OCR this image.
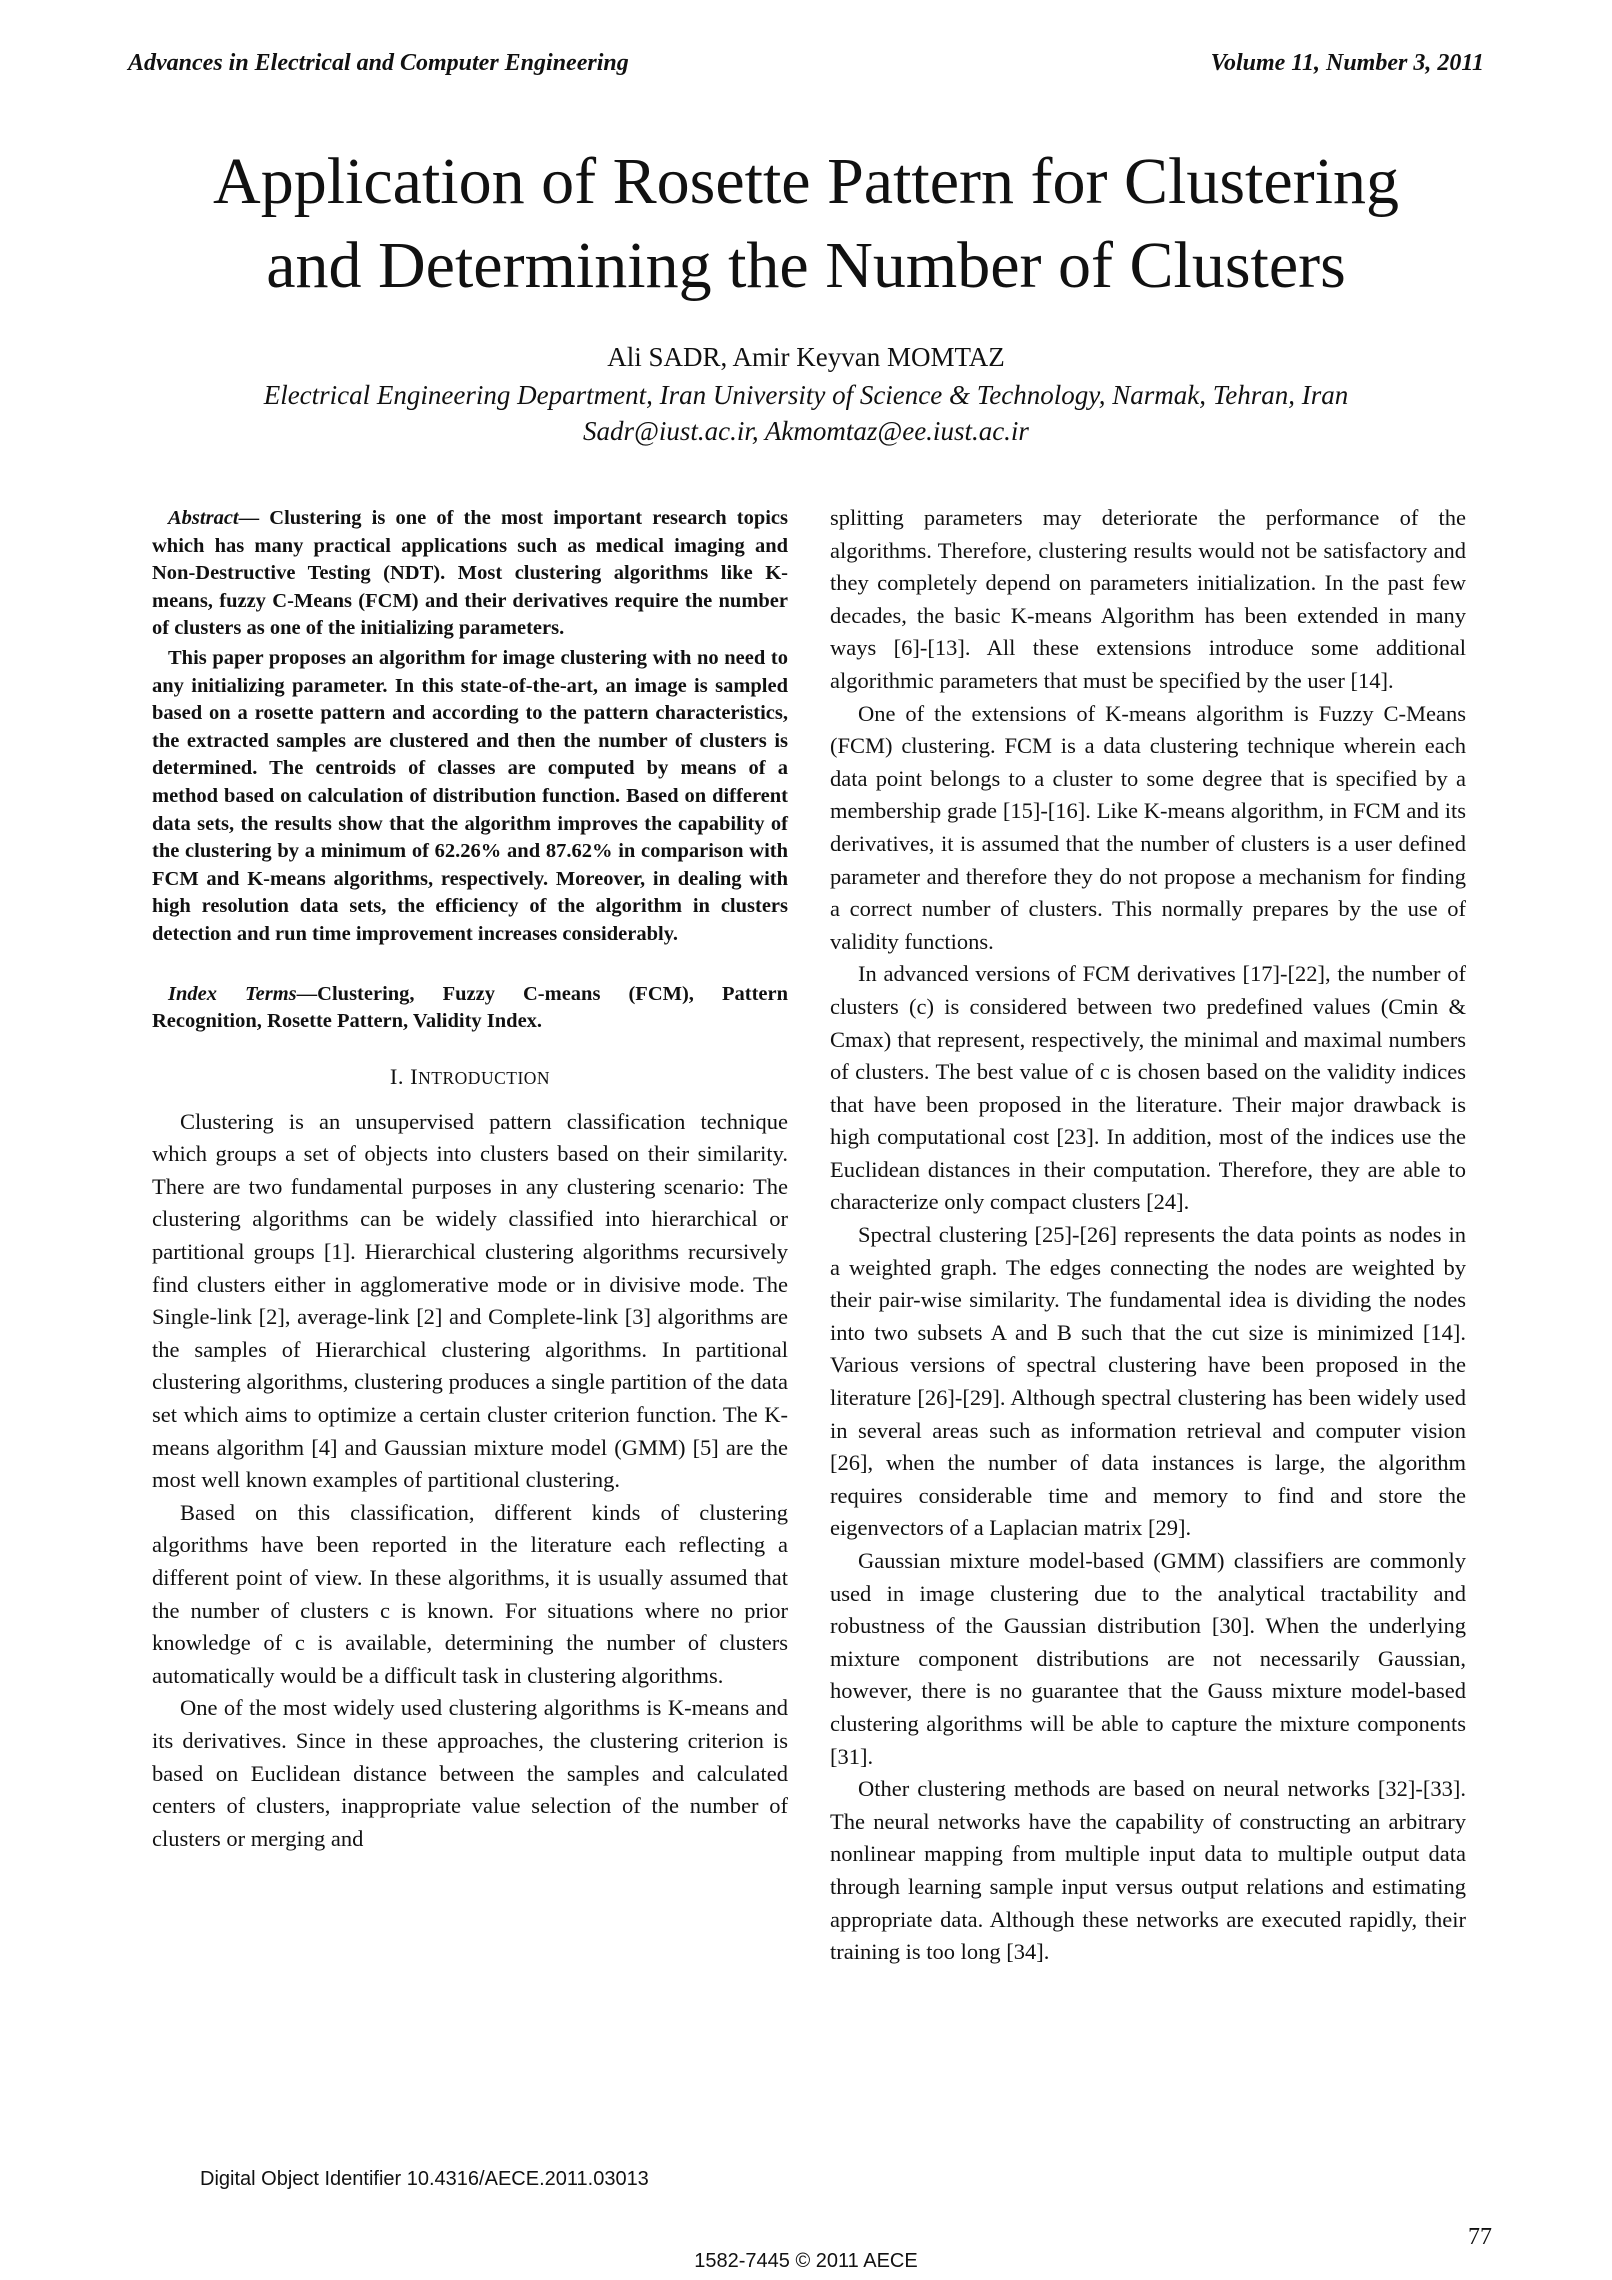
Advances in Electrical and Computer Engineering	Volume 11, Number 3, 2011
Application of Rosette Pattern for Clustering
and Determining the Number of Clusters
Ali SADR, Amir Keyvan MOMTAZ
Electrical Engineering Department, Iran University of Science & Technology, Narmak, Tehran, Iran
Sadr@iust.ac.ir, Akmomtaz@ee.iust.ac.ir

Abstract— Clustering is one of the most important research topics which has many practical applications such as medical imaging and Non-Destructive Testing (NDT). Most clustering algorithms like K-means, fuzzy C-Means (FCM) and their derivatives require the number of clusters as one of the initializing parameters.

This paper proposes an algorithm for image clustering with no need to any initializing parameter. In this state-of-the-art, an image is sampled based on a rosette pattern and according to the pattern characteristics, the extracted samples are clustered and then the number of clusters is determined. The centroids of classes are computed by means of a method based on calculation of distribution function. Based on different data sets, the results show that the algorithm improves the capability of the clustering by a minimum of 62.26% and 87.62% in comparison with FCM and K-means algorithms, respectively. Moreover, in dealing with high resolution data sets, the efficiency of the algorithm in clusters detection and run time improvement increases considerably.

Index Terms—Clustering, Fuzzy C-means (FCM), Pattern Recognition, Rosette Pattern, Validity Index.

I. INTRODUCTION

Clustering is an unsupervised pattern classification technique which groups a set of objects into clusters based on their similarity. There are two fundamental purposes in any clustering scenario: The clustering algorithms can be widely classified into hierarchical or partitional groups [1]. Hierarchical clustering algorithms recursively find clusters either in agglomerative mode or in divisive mode. The Single-link [2], average-link [2] and Complete-link [3] algorithms are the samples of Hierarchical clustering algorithms. In partitional clustering algorithms, clustering produces a single partition of the data set which aims to optimize a certain cluster criterion function. The K-means algorithm [4] and Gaussian mixture model (GMM) [5] are the most well known examples of partitional clustering.

Based on this classification, different kinds of clustering algorithms have been reported in the literature each reflecting a different point of view. In these algorithms, it is usually assumed that the number of clusters c is known. For situations where no prior knowledge of c is available, determining the number of clusters automatically would be a difficult task in clustering algorithms.

One of the most widely used clustering algorithms is K-means and its derivatives. Since in these approaches, the clustering criterion is based on Euclidean distance between the samples and calculated centers of clusters, inappropriate value selection of the number of clusters or merging and

splitting parameters may deteriorate the performance of the algorithms. Therefore, clustering results would not be satisfactory and they completely depend on parameters initialization. In the past few decades, the basic K-means Algorithm has been extended in many ways [6]-[13]. All these extensions introduce some additional algorithmic parameters that must be specified by the user [14].

One of the extensions of K-means algorithm is Fuzzy C-Means (FCM) clustering. FCM is a data clustering technique wherein each data point belongs to a cluster to some degree that is specified by a membership grade [15]-[16]. Like K-means algorithm, in FCM and its derivatives, it is assumed that the number of clusters is a user defined parameter and therefore they do not propose a mechanism for finding a correct number of clusters. This normally prepares by the use of validity functions.

In advanced versions of FCM derivatives [17]-[22], the number of clusters (c) is considered between two predefined values (Cmin & Cmax) that represent, respectively, the minimal and maximal numbers of clusters. The best value of c is chosen based on the validity indices that have been proposed in the literature. Their major drawback is high computational cost [23]. In addition, most of the indices use the Euclidean distances in their computation. Therefore, they are able to characterize only compact clusters [24].

Spectral clustering [25]-[26] represents the data points as nodes in a weighted graph. The edges connecting the nodes are weighted by their pair-wise similarity. The fundamental idea is dividing the nodes into two subsets A and B such that the cut size is minimized [14]. Various versions of spectral clustering have been proposed in the literature [26]-[29]. Although spectral clustering has been widely used in several areas such as information retrieval and computer vision [26], when the number of data instances is large, the algorithm requires considerable time and memory to find and store the eigenvectors of a Laplacian matrix [29].

Gaussian mixture model-based (GMM) classifiers are commonly used in image clustering due to the analytical tractability and robustness of the Gaussian distribution [30]. When the underlying mixture component distributions are not necessarily Gaussian, however, there is no guarantee that the Gauss mixture model-based clustering algorithms will be able to capture the mixture components [31].

Other clustering methods are based on neural networks [32]-[33]. The neural networks have the capability of constructing an arbitrary nonlinear mapping from multiple input data to multiple output data through learning sample input versus output relations and estimating appropriate data. Although these networks are executed rapidly, their training is too long [34].

Digital Object Identifier 10.4316/AECE.2011.03013
77
1582-7445 © 2011 AECE
